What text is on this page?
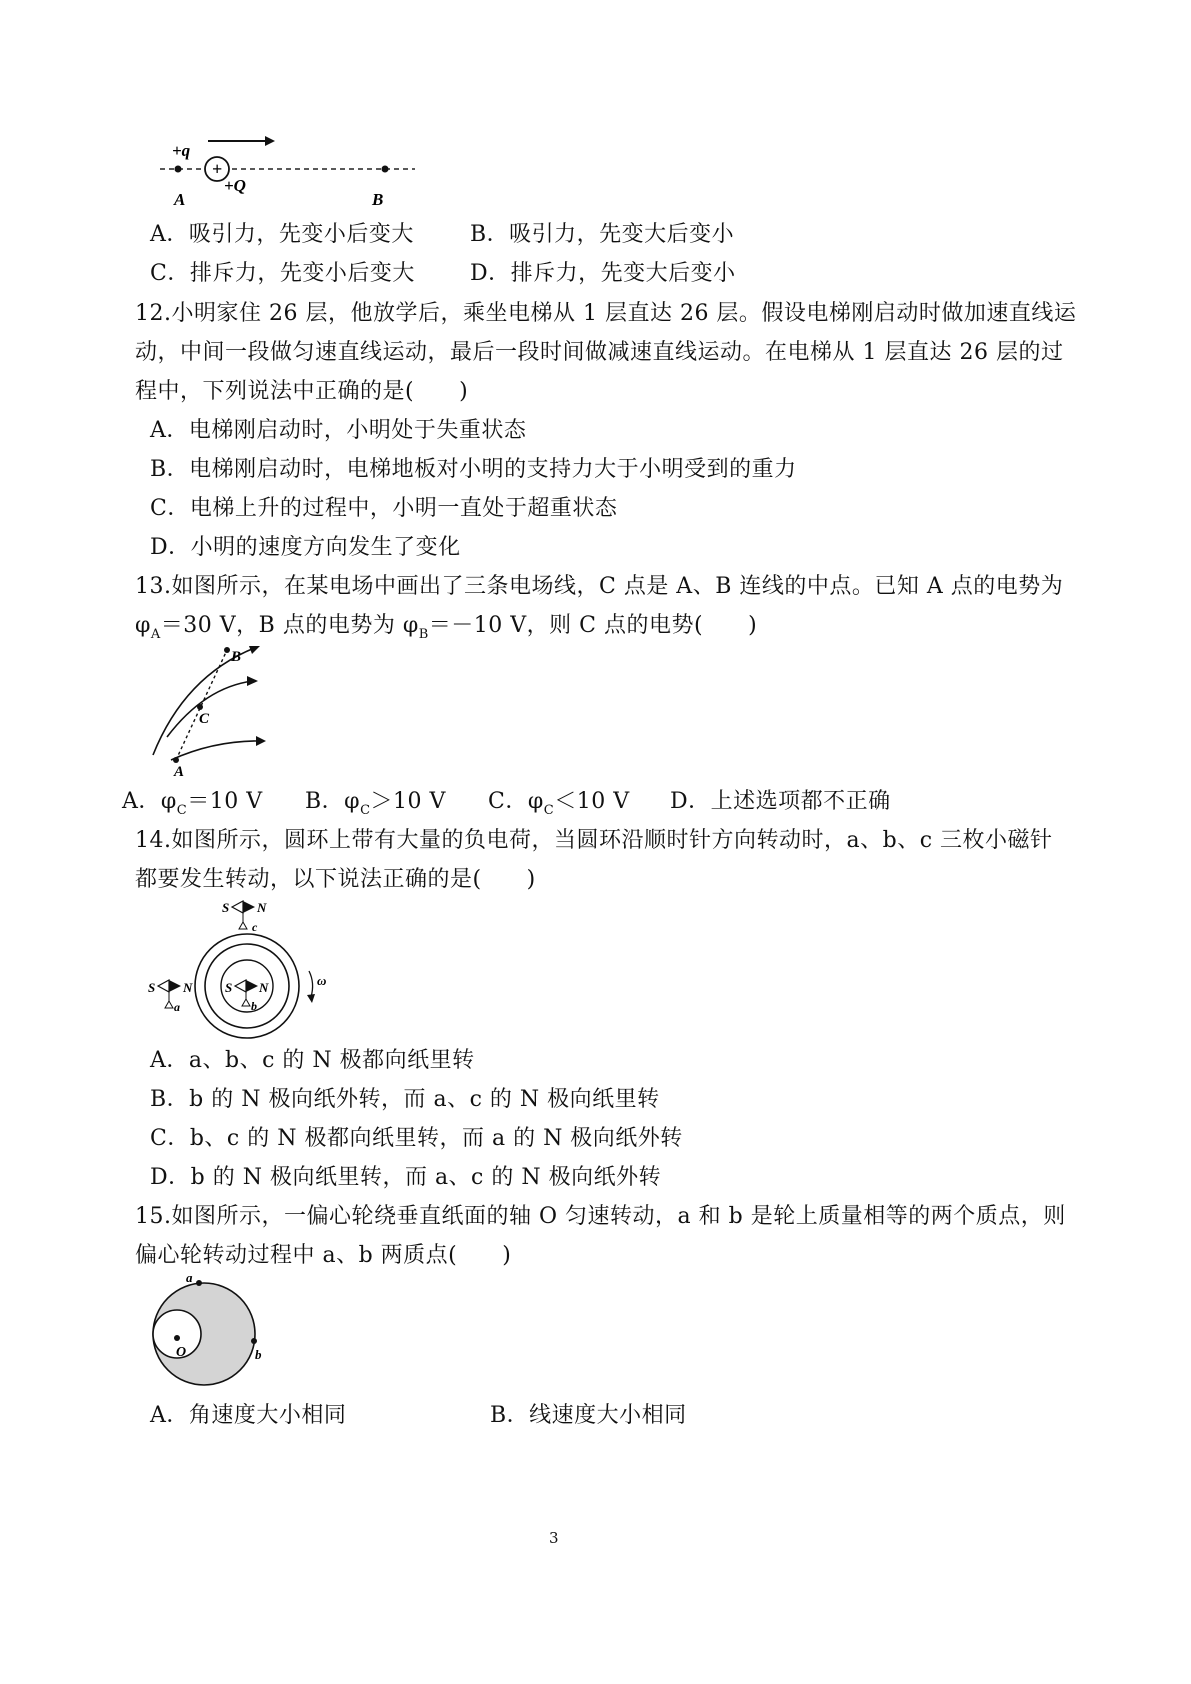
+
+q
+Q
A	B
A．吸引力，先变小后变大	B．吸引力，先变大后变小
C．排斥力，先变小后变大	D．排斥力，先变大后变小
12.小明家住 26 层，他放学后，乘坐电梯从 1 层直达 26 层。假设电梯刚启动时做加速直线运
动，中间一段做匀速直线运动，最后一段时间做减速直线运动。在电梯从 1 层直达 26 层的过
程中，下列说法中正确的是(　　)
A．电梯刚启动时，小明处于失重状态
B．电梯刚启动时，电梯地板对小明的支持力大于小明受到的重力
C．电梯上升的过程中，小明一直处于超重状态
D．小明的速度方向发生了变化
13.如图所示，在某电场中画出了三条电场线，C 点是 A、B 连线的中点。已知 A 点的电势为
$\varphi_A=30$ V，B 点的电势为 $\varphi_B=-10$ V，则 C 点的电势(　　)
B
C
A
A．$\varphi_C=10$ V B．$\varphi_C>10$ V C．$\varphi_C<10$ V D．上述选项都不正确
14.如图所示，圆环上带有大量的负电荷，当圆环沿顺时针方向转动时，a、b、c 三枚小磁针
都要发生转动，以下说法正确的是(　　)
S N
c
S N
b
S N
a
ω
A．a、b、c 的 N 极都向纸里转
B．b 的 N 极向纸外转，而 a、c 的 N 极向纸里转
C．b、c 的 N 极都向纸里转，而 a 的 N 极向纸外转
D．b 的 N 极向纸里转，而 a、c 的 N 极向纸外转
15.如图所示，一偏心轮绕垂直纸面的轴 O 匀速转动，a 和 b 是轮上质量相等的两个质点，则
偏心轮转动过程中 a、b 两质点(　　)
a
b
O
A．角速度大小相同	B．线速度大小相同
3
